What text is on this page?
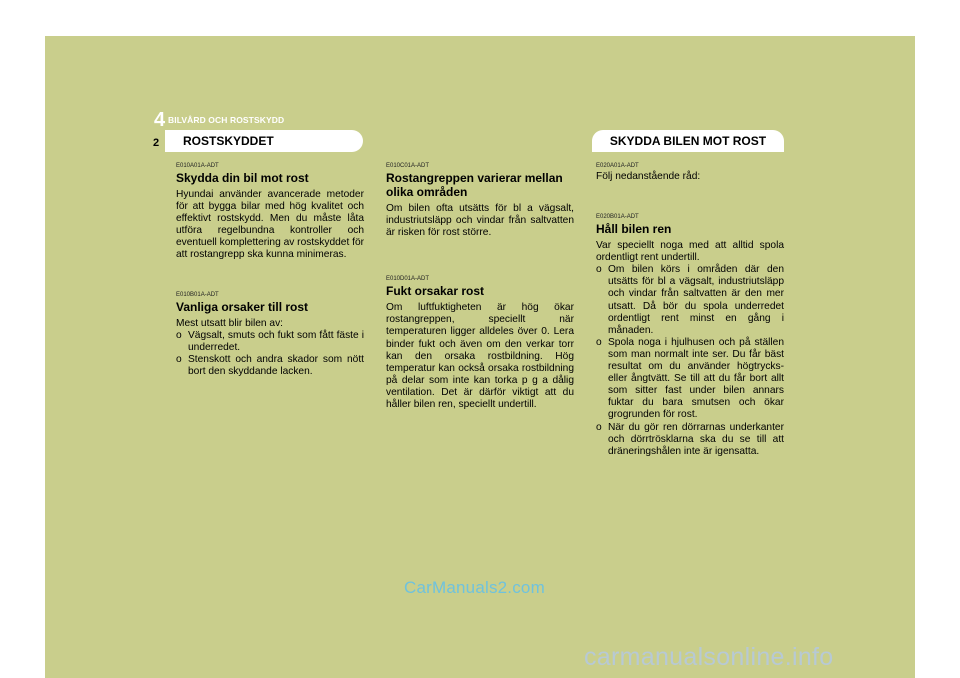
4 BILVÅRD OCH ROSTSKYDD
2	ROSTSKYDDET	SKYDDA BILEN MOT ROST

E010A01A-ADT

Skydda din bil mot rost

Hyundai använder avancerade metoder för att bygga bilar med hög kvalitet och effektivt rostskydd. Men du måste låta utföra regelbundna kontroller och eventuell komplettering av rostskyddet för att rostangrepp ska kunna minimeras.

E010B01A-ADT

Vanliga orsaker till rost

Mest utsatt blir bilen av:

o Vägsalt, smuts och fukt som fått fäste i underredet.
o Stenskott och andra skador som nött bort den skyddande lacken.

E010C01A-ADT

Rostangreppen varierar mellan olika områden

Om bilen ofta utsätts för bl a vägsalt, industriutsläpp och vindar från saltvatten är risken för rost större.

E010D01A-ADT

Fukt orsakar rost

Om luftfuktigheten är hög ökar rostangreppen, speciellt när temperaturen ligger alldeles över 0. Lera binder fukt och även om den verkar torr kan den orsaka rostbildning. Hög temperatur kan också orsaka rostbildning på delar som inte kan torka p g a dålig ventilation. Det är därför viktigt att du håller bilen ren, speciellt undertill.

E020A01A-ADT

Följ nedanstående råd:

E020B01A-ADT

Håll bilen ren

Var speciellt noga med att alltid spola ordentligt rent undertill.

o Om bilen körs i områden där den utsätts för bl a vägsalt, industriutsläpp och vindar från saltvatten är den mer utsatt. Då bör du spola underredet ordentligt rent minst en gång i månaden.
o Spola noga i hjulhusen och på ställen som man normalt inte ser. Du får bäst resultat om du använder högtrycks- eller ångtvätt. Se till att du får bort allt som sitter fast under bilen annars fuktar du bara smutsen och ökar grogrunden för rost.
o När du gör ren dörrarnas underkanter och dörrtrösklarna ska du se till att dräneringshålen inte är igensatta.
CarManuals2.com
carmanualsonline.info
